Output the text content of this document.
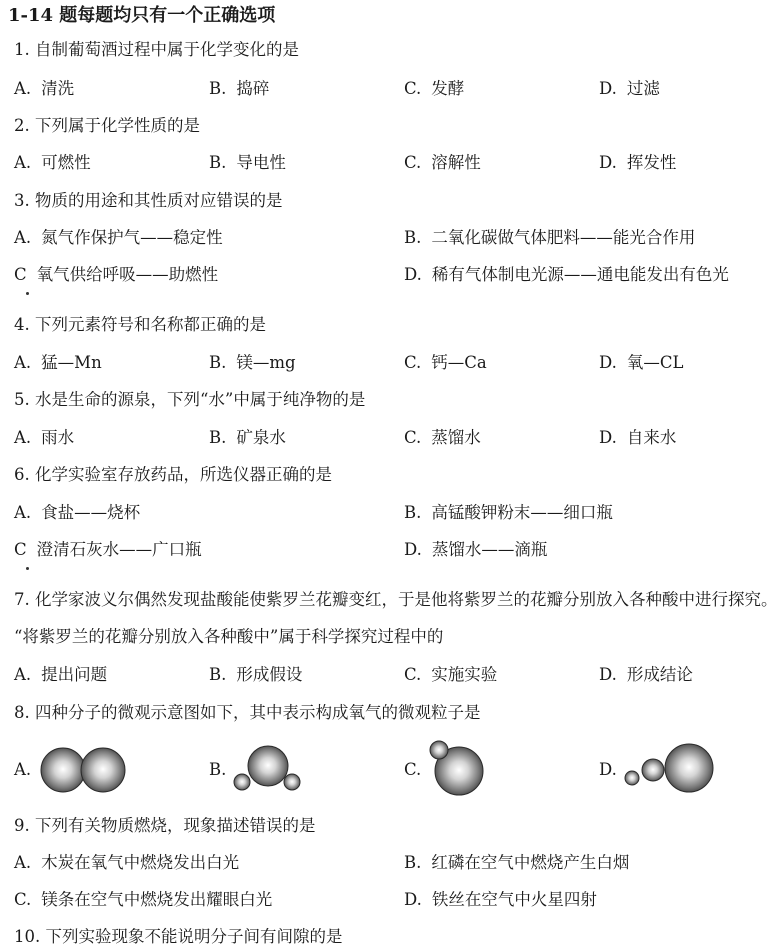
1-14 题每题均只有一个正确选项
1. 自制葡萄酒过程中属于化学变化的是
A. 清洗	B. 捣碎	C. 发酵	D. 过滤
2. 下列属于化学性质的是
A. 可燃性	B. 导电性	C. 溶解性	D. 挥发性
3. 物质的用途和其性质对应错误的是
A. 氮气作保护气——稳定性	B. 二氧化碳做气体肥料——能光合作用
C 氧气供给呼吸——助燃性	D. 稀有气体制电光源——通电能发出有色光
4. 下列元素符号和名称都正确的是
A. 猛—Mn	B. 镁—mg	C. 钙—Ca	D. 氧—CL
5. 水是生命的源泉，下列“水”中属于纯净物的是
A. 雨水	B. 矿泉水	C. 蒸馏水	D. 自来水
6. 化学实验室存放药品，所选仪器正确的是
A. 食盐——烧杯	B. 高锰酸钾粉末——细口瓶
C 澄清石灰水——广口瓶	D. 蒸馏水——滴瓶
7. 化学家波义尔偶然发现盐酸能使紫罗兰花瓣变红，于是他将紫罗兰的花瓣分别放入各种酸中进行探究。
“将紫罗兰的花瓣分别放入各种酸中”属于科学探究过程中的
A. 提出问题	B. 形成假设	C. 实施实验	D. 形成结论
8. 四种分子的微观示意图如下，其中表示构成氧气的微观粒子是
A.	B.	C.	D.
9. 下列有关物质燃烧，现象描述错误的是
A. 木炭在氧气中燃烧发出白光	B. 红磷在空气中燃烧产生白烟
C. 镁条在空气中燃烧发出耀眼白光	D. 铁丝在空气中火星四射
10. 下列实验现象不能说明分子间有间隙的是
